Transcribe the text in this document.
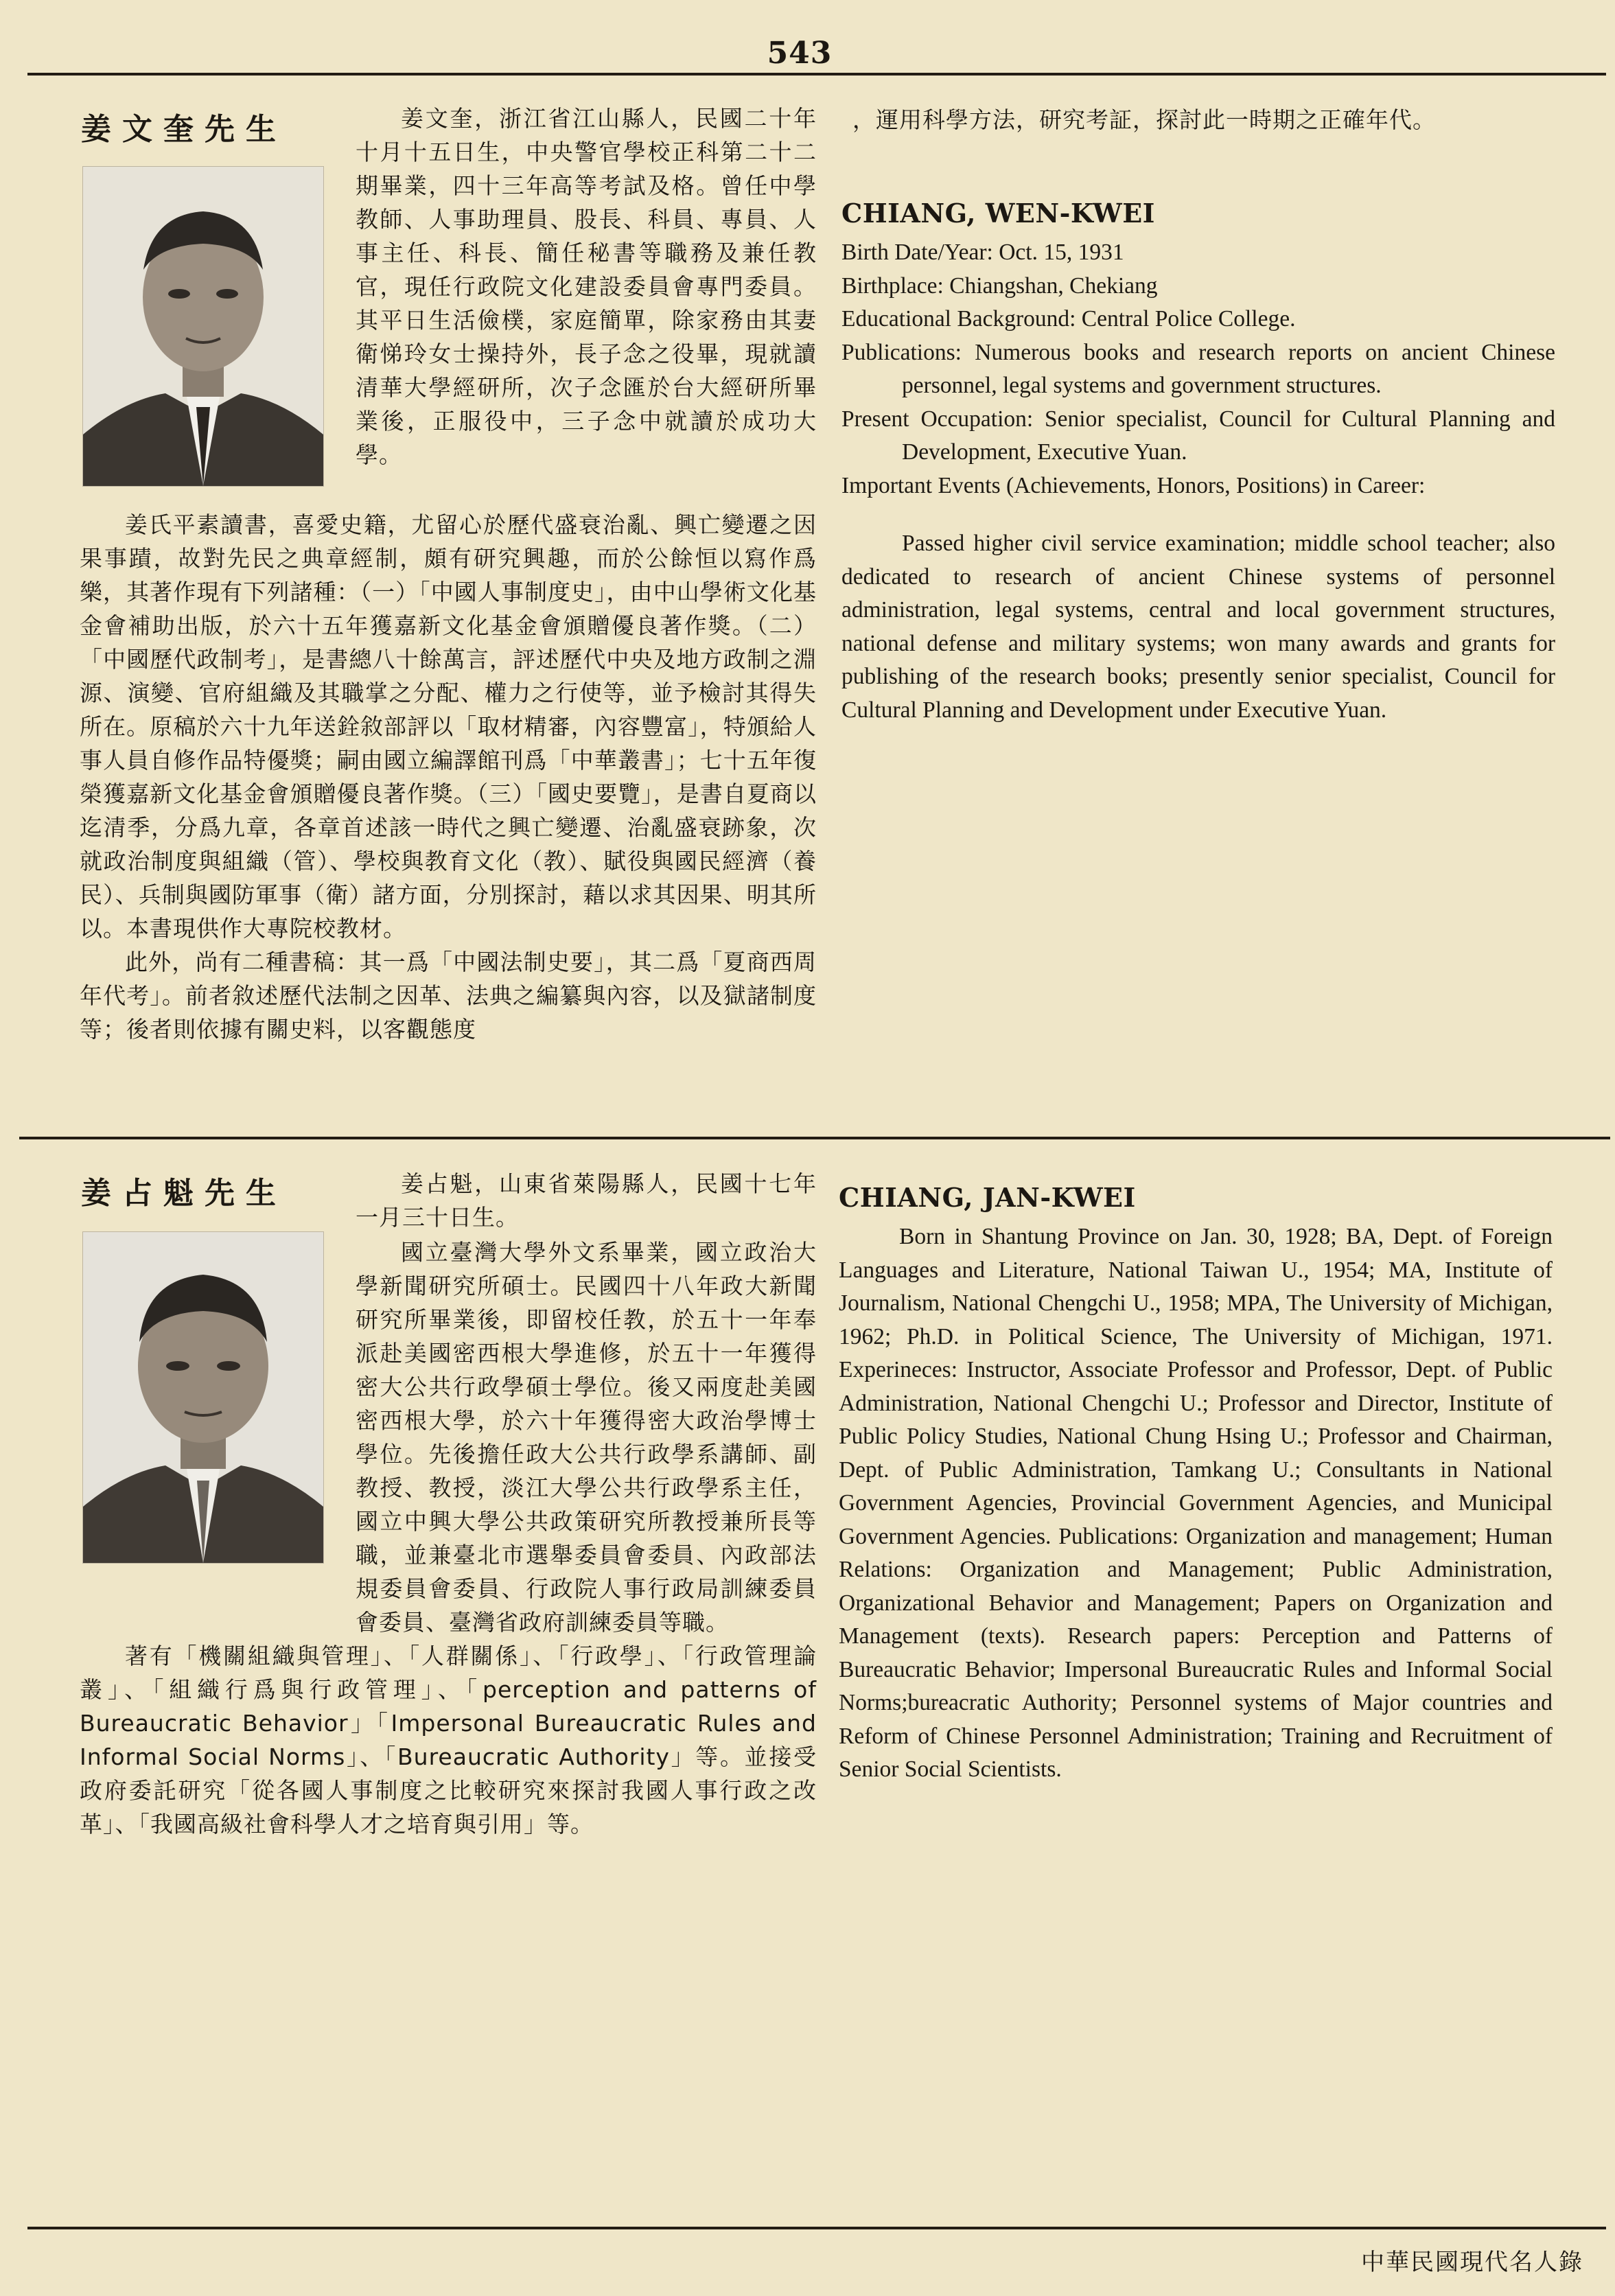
543
姜文奎先生	姜文奎，浙江省江山縣人，民國二十年十月十五日生，中央警官學校正科第二十二期畢業，四十三年高等考試及格。曾任中學教師、人事助理員、股長、科員、專員、人事主任、科長、簡任秘書等職務及兼任教官，現任行政院文化建設委員會專門委員。其平日生活儉樸，家庭簡單，除家務由其妻衛悌玲女士操持外，長子念之役畢，現就讀清華大學經研所，次子念匯於台大經研所畢業後，正服役中，三子念中就讀於成功大學。

姜氏平素讀書，喜愛史籍，尤留心於歷代盛衰治亂、興亡變遷之因果事蹟，故對先民之典章經制，頗有研究興趣，而於公餘恒以寫作爲樂，其著作現有下列諸種：（一）「中國人事制度史」，由中山學術文化基金會補助出版，於六十五年獲嘉新文化基金會頒贈優良著作獎。（二）「中國歷代政制考」，是書總八十餘萬言，評述歷代中央及地方政制之淵源、演變、官府組織及其職掌之分配、權力之行使等，並予檢討其得失所在。原稿於六十九年送銓敘部評以「取材精審，內容豐富」，特頒給人事人員自修作品特優獎；嗣由國立編譯館刊爲「中華叢書」；七十五年復榮獲嘉新文化基金會頒贈優良著作獎。（三）「國史要覽」，是書自夏商以迄清季，分爲九章，各章首述該一時代之興亡變遷、治亂盛衰跡象，次就政治制度與組織（管）、學校與教育文化（教）、賦役與國民經濟（養民）、兵制與國防軍事（衛）諸方面，分別探討，藉以求其因果、明其所以。本書現供作大專院校教材。

此外，尚有二種書稿：其一爲「中國法制史要」，其二爲「夏商西周年代考」。前者敘述歷代法制之因革、法典之編纂與內容，以及獄諸制度等；後者則依據有關史料，以客觀態度

，運用科學方法，研究考証，探討此一時期之正確年代。

CHIANG, WEN-KWEI

Birth Date/Year: Oct. 15, 1931

Birthplace: Chiangshan, Chekiang

Educational Background: Central Police College.

Publications: Numerous books and research reports on ancient Chinese personnel, legal systems and government structures.

Present Occupation: Senior specialist, Council for Cultural Planning and Development, Executive Yuan.

Important Events (Achievements, Honors, Positions) in Career:

Passed higher civil service examination; middle school teacher; also dedicated to research of ancient Chinese systems of personnel administration, legal systems, central and local government structures, national defense and military systems; won many awards and grants for publishing of the research books; presently senior specialist, Council for Cultural Planning and Development under Executive Yuan.

姜占魁先生	姜占魁，山東省萊陽縣人，民國十七年一月三十日生。

國立臺灣大學外文系畢業，國立政治大學新聞研究所碩士。民國四十八年政大新聞研究所畢業後，即留校任教，於五十一年奉派赴美國密西根大學進修，於五十一年獲得密大公共行政學碩士學位。後又兩度赴美國密西根大學，於六十年獲得密大政治學博士學位。先後擔任政大公共行政學系講師、副教授、教授，淡江大學公共行政學系主任，國立中興大學公共政策研究所教授兼所長等職，並兼臺北市選舉委員會委員、內政部法規委員會委員、行政院人事行政局訓練委員會委員、臺灣省政府訓練委員等職。

著有「機關組織與管理」、「人群關係」、「行政學」、「行政管理論叢」、「組織行爲與行政管理」、「perception and patterns of Bureaucratic Behavior」「Impersonal Bureaucratic Rules and Informal Social Norms」、「Bureaucratic Authority」等。並接受政府委託研究「從各國人事制度之比較研究來探討我國人事行政之改革」、「我國高級社會科學人才之培育與引用」等。

CHIANG, JAN-KWEI

Born in Shantung Province on Jan. 30, 1928; BA, Dept. of Foreign Languages and Literature, National Taiwan U., 1954; MA, Institute of Journalism, National Chengchi U., 1958; MPA, The University of Michigan, 1962; Ph.D. in Political Science, The University of Michigan, 1971. Experineces: Instructor, Associate Professor and Professor, Dept. of Public Administration, National Chengchi U.; Professor and Director, Institute of Public Policy Studies, National Chung Hsing U.; Professor and Chairman, Dept. of Public Administration, Tamkang U.; Consultants in National Government Agencies, Provincial Government Agencies, and Municipal Government Agencies. Publications: Organization and management; Human Relations: Organization and Management; Public Administration, Organizational Behavior and Management; Papers on Organization and Management (texts). Research papers: Perception and Patterns of Bureaucratic Behavior; Impersonal Bureaucratic Rules and Informal Social Norms;bureacratic Authority; Personnel systems of Major countries and Reform of Chinese Personnel Administration; Training and Recruitment of Senior Social Scientists.

中華民國現代名人錄
